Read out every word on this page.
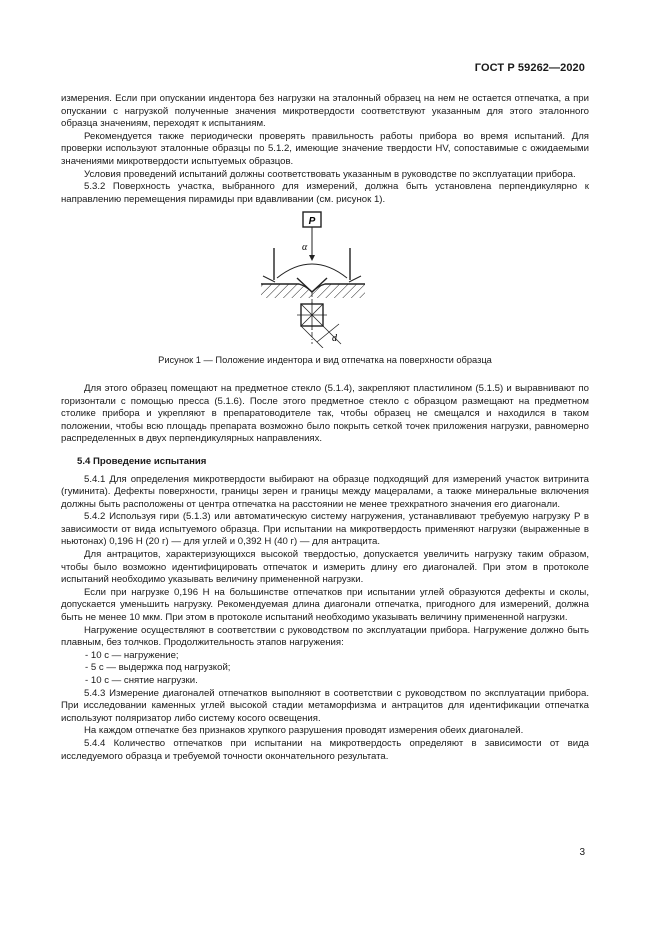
ГОСТ Р 59262—2020

измерения. Если при опускании индентора без нагрузки на эталонный образец на нем не остается отпечатка, а при опускании с нагрузкой полученные значения микротвердости соответствуют указанным для этого эталонного образца значениям, переходят к испытаниям.

Рекомендуется также периодически проверять правильность работы прибора во время испытаний. Для проверки используют эталонные образцы по 5.1.2, имеющие значение твердости HV, сопоставимые с ожидаемыми значениями микротвердости испытуемых образцов.

Условия проведений испытаний должны соответствовать указанным в руководстве по эксплуатации прибора.

5.3.2 Поверхность участка, выбранного для измерений, должна быть установлена перпендикулярно к направлению перемещения пирамиды при вдавливании (см. рисунок 1).

P
α
d
Рисунок 1 — Положение индентора и вид отпечатка на поверхности образца

Для этого образец помещают на предметное стекло (5.1.4), закрепляют пластилином (5.1.5) и выравнивают по горизонтали с помощью пресса (5.1.6). После этого предметное стекло с образцом размещают на предметном столике прибора и укрепляют в препаратоводителе так, чтобы образец не смещался и находился в таком положении, чтобы всю площадь препарата возможно было покрыть сеткой точек приложения нагрузки, равномерно распределенных в двух перпендикулярных направлениях.

5.4 Проведение испытания

5.4.1 Для определения микротвердости выбирают на образце подходящий для измерений участок витринита (гуминита). Дефекты поверхности, границы зерен и границы между мацералами, а также минеральные включения должны быть расположены от центра отпечатка на расстоянии не менее трехкратного значения его диагонали.

5.4.2 Используя гири (5.1.3) или автоматическую систему нагружения, устанавливают требуемую нагрузку P в зависимости от вида испытуемого образца. При испытании на микротвердость применяют нагрузки (выраженные в ньютонах) 0,196 Н (20 г) — для углей и 0,392 Н (40 г) — для антрацита.

Для антрацитов, характеризующихся высокой твердостью, допускается увеличить нагрузку таким образом, чтобы было возможно идентифицировать отпечаток и измерить длину его диагоналей. При этом в протоколе испытаний необходимо указывать величину примененной нагрузки.

Если при нагрузке 0,196 Н на большинстве отпечатков при испытании углей образуются дефекты и сколы, допускается уменьшить нагрузку. Рекомендуемая длина диагонали отпечатка, пригодного для измерений, должна быть не менее 10 мкм. При этом в протоколе испытаний необходимо указывать величину примененной нагрузки.

Нагружение осуществляют в соответствии с руководством по эксплуатации прибора. Нагружение должно быть плавным, без толчков. Продолжительность этапов нагружения:

- 10 с — нагружение;
- 5 с — выдержка под нагрузкой;
- 10 с — снятие нагрузки.

5.4.3 Измерение диагоналей отпечатков выполняют в соответствии с руководством по эксплуатации прибора. При исследовании каменных углей высокой стадии метаморфизма и антрацитов для идентификации отпечатка используют поляризатор либо систему косого освещения.

На каждом отпечатке без признаков хрупкого разрушения проводят измерения обеих диагоналей.

5.4.4 Количество отпечатков при испытании на микротвердость определяют в зависимости от вида исследуемого образца и требуемой точности окончательного результата.

3
